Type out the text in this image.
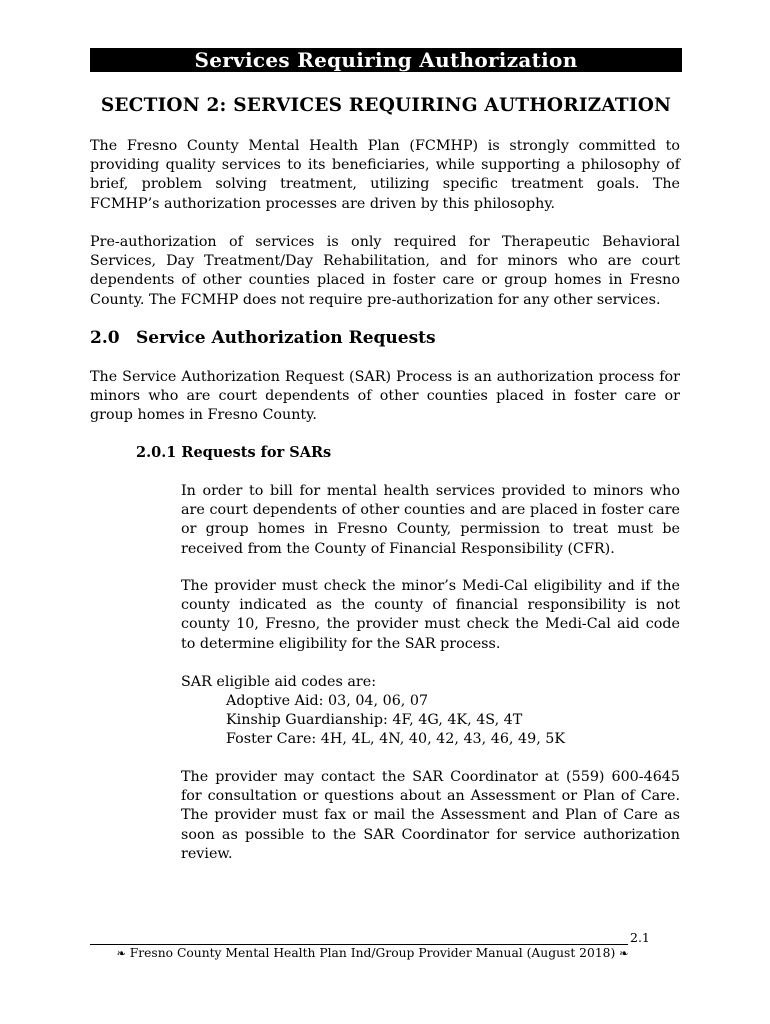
Services Requiring Authorization
SECTION 2: SERVICES REQUIRING AUTHORIZATION

The Fresno County Mental Health Plan (FCMHP) is strongly committed to providing quality services to its beneficiaries, while supporting a philosophy of brief, problem solving treatment, utilizing specific treatment goals. The FCMHP’s authorization processes are driven by this philosophy.

Pre-authorization of services is only required for Therapeutic Behavioral Services, Day Treatment/Day Rehabilitation, and for minors who are court dependents of other counties placed in foster care or group homes in Fresno County. The FCMHP does not require pre-authorization for any other services.

2.0 Service Authorization Requests

The Service Authorization Request (SAR) Process is an authorization process for minors who are court dependents of other counties placed in foster care or group homes in Fresno County.

2.0.1 Requests for SARs

In order to bill for mental health services provided to minors who are court dependents of other counties and are placed in foster care or group homes in Fresno County, permission to treat must be received from the County of Financial Responsibility (CFR).

The provider must check the minor’s Medi-Cal eligibility and if the county indicated as the county of financial responsibility is not county 10, Fresno, the provider must check the Medi-Cal aid code to determine eligibility for the SAR process.

SAR eligible aid codes are:

Adoptive Aid: 03, 04, 06, 07
Kinship Guardianship: 4F, 4G, 4K, 4S, 4T
Foster Care: 4H, 4L, 4N, 40, 42, 43, 46, 49, 5K

The provider may contact the SAR Coordinator at (559) 600-4645 for consultation or questions about an Assessment or Plan of Care. The provider must fax or mail the Assessment and Plan of Care as soon as possible to the SAR Coordinator for service authorization review.

2.1
❧ Fresno County Mental Health Plan Ind/Group Provider Manual (August 2018) ❧
